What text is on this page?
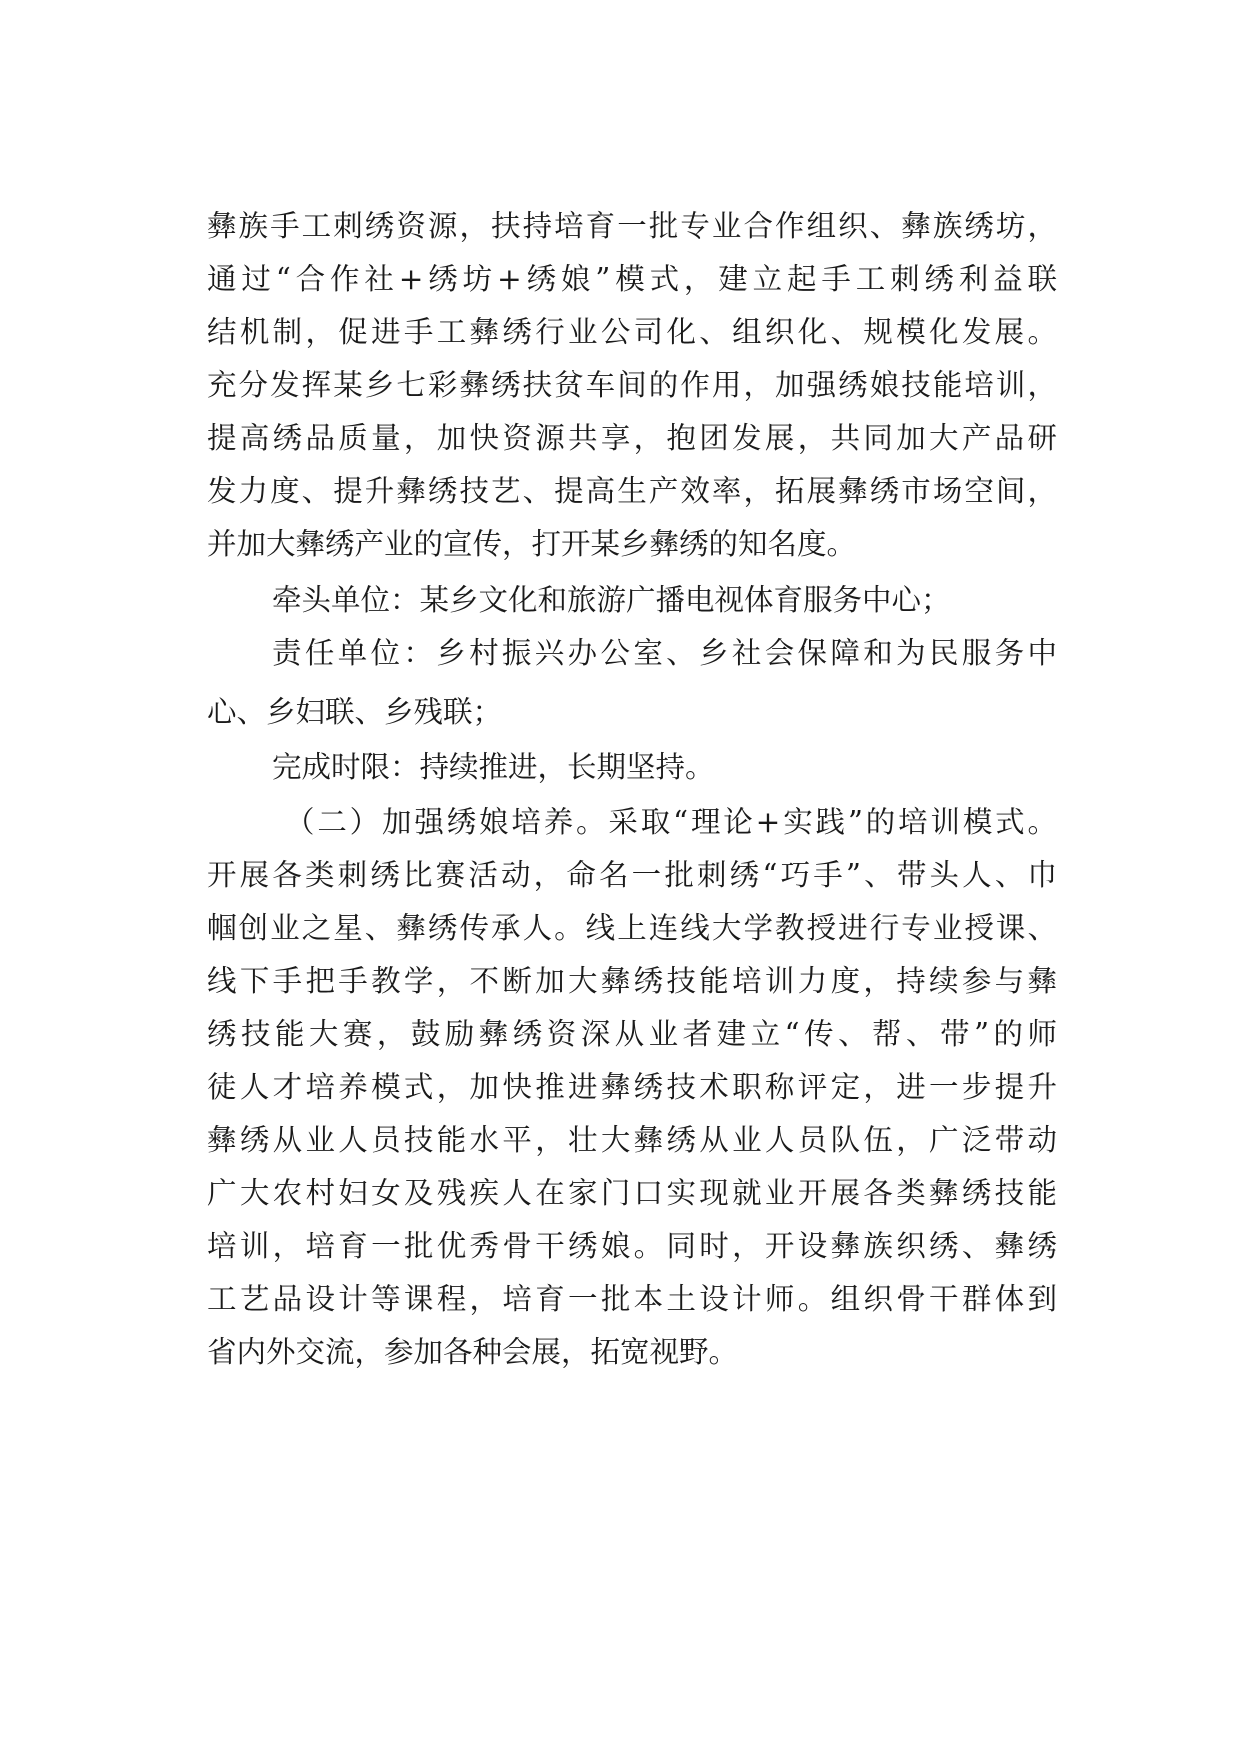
彝族手工刺绣资源，扶持培育一批专业合作组织、彝族绣坊，

通过“合作社+绣坊+绣娘”模式，建立起手工刺绣利益联

结机制，促进手工彝绣行业公司化、组织化、规模化发展。

充分发挥某乡七彩彝绣扶贫车间的作用，加强绣娘技能培训，

提高绣品质量，加快资源共享，抱团发展，共同加大产品研

发力度、提升彝绣技艺、提高生产效率，拓展彝绣市场空间，

并加大彝绣产业的宣传，打开某乡彝绣的知名度。

牵头单位：某乡文化和旅游广播电视体育服务中心；

责任单位：乡村振兴办公室、乡社会保障和为民服务中

心、乡妇联、乡残联；

完成时限：持续推进，长期坚持。

（二）加强绣娘培养。采取“理论+实践”的培训模式。

开展各类刺绣比赛活动，命名一批刺绣“巧手”、带头人、巾

帼创业之星、彝绣传承人。线上连线大学教授进行专业授课、

线下手把手教学，不断加大彝绣技能培训力度，持续参与彝

绣技能大赛，鼓励彝绣资深从业者建立“传、帮、带”的师

徒人才培养模式，加快推进彝绣技术职称评定，进一步提升

彝绣从业人员技能水平，壮大彝绣从业人员队伍，广泛带动

广大农村妇女及残疾人在家门口实现就业开展各类彝绣技能

培训，培育一批优秀骨干绣娘。同时，开设彝族织绣、彝绣

工艺品设计等课程，培育一批本土设计师。组织骨干群体到

省内外交流，参加各种会展，拓宽视野。
